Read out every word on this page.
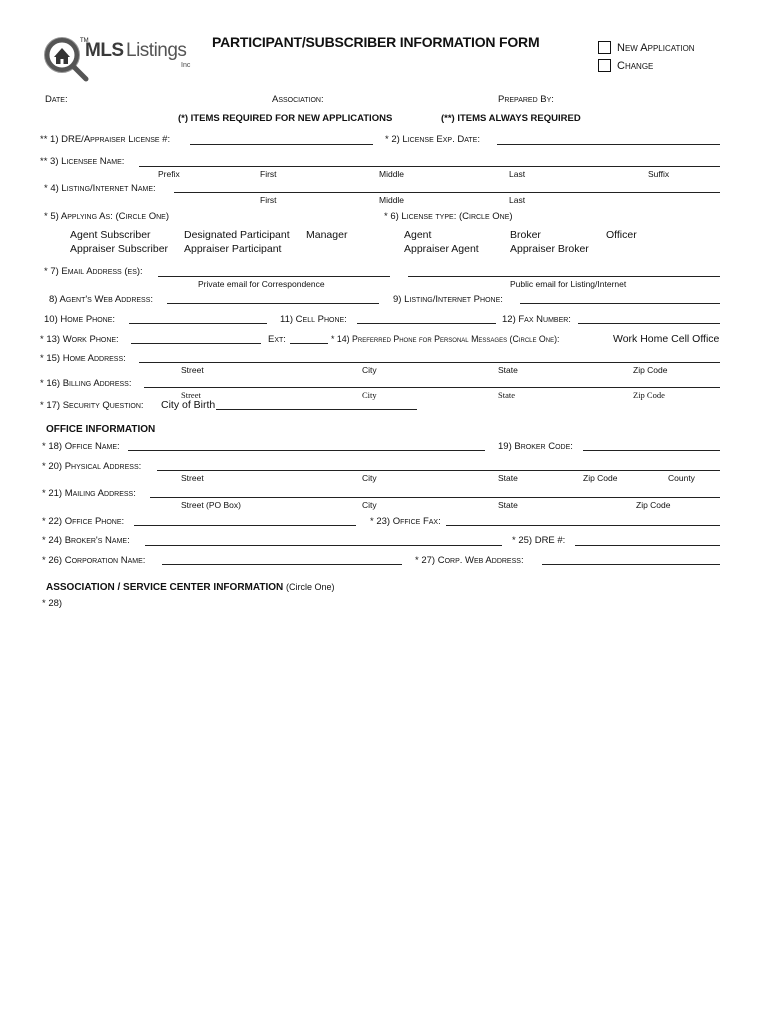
TM
MLS Listings
Inc
PARTICIPANT/SUBSCRIBER INFORMATION FORM	New Application
Change
Date:	Association:	Prepared By:
(*) ITEMS REQUIRED FOR NEW APPLICATIONS	(**) ITEMS ALWAYS REQUIRED
** 1) DRE/Appraiser License #:	* 2) License Exp. Date:
** 3) Licensee Name:
Prefix	First	Middle	Last	Suffix
* 4) Listing/Internet Name:
First	Middle	Last
* 5) Applying As: (Circle One)	* 6) License type: (Circle One)
Agent Subscriber	Designated Participant Manager	Agent	Broker	Officer
Appraiser Subscriber Appraiser Participant	Appraiser Agent	Appraiser Broker
* 7) Email Address (es):
Private email for Correspondence	Public email for Listing/Internet
8) Agent's Web Address:	9) Listing/Internet Phone:
10) Home Phone:	11) Cell Phone:	12) Fax Number:
* 13) Work Phone:	Ext:	* 14) Preferred Phone for Personal Messages (Circle One):	Work Home Cell Office
* 15) Home Address:
Street	City	State	Zip Code
* 16) Billing Address:
Street	City	State	Zip Code
* 17) Security Question: City of Birth
OFFICE INFORMATION
* 18) Office Name:	19) Broker Code:
* 20) Physical Address:
Street	City	State	Zip Code	County
* 21) Mailing Address:
Street (PO Box)	City	State	Zip Code
* 22) Office Phone:	* 23) Office Fax:
* 24) Broker's Name:	* 25) DRE #:
* 26) Corporation Name:	* 27) Corp. Web Address:
ASSOCIATION / SERVICE CENTER INFORMATION (Circle One)
* 28)
